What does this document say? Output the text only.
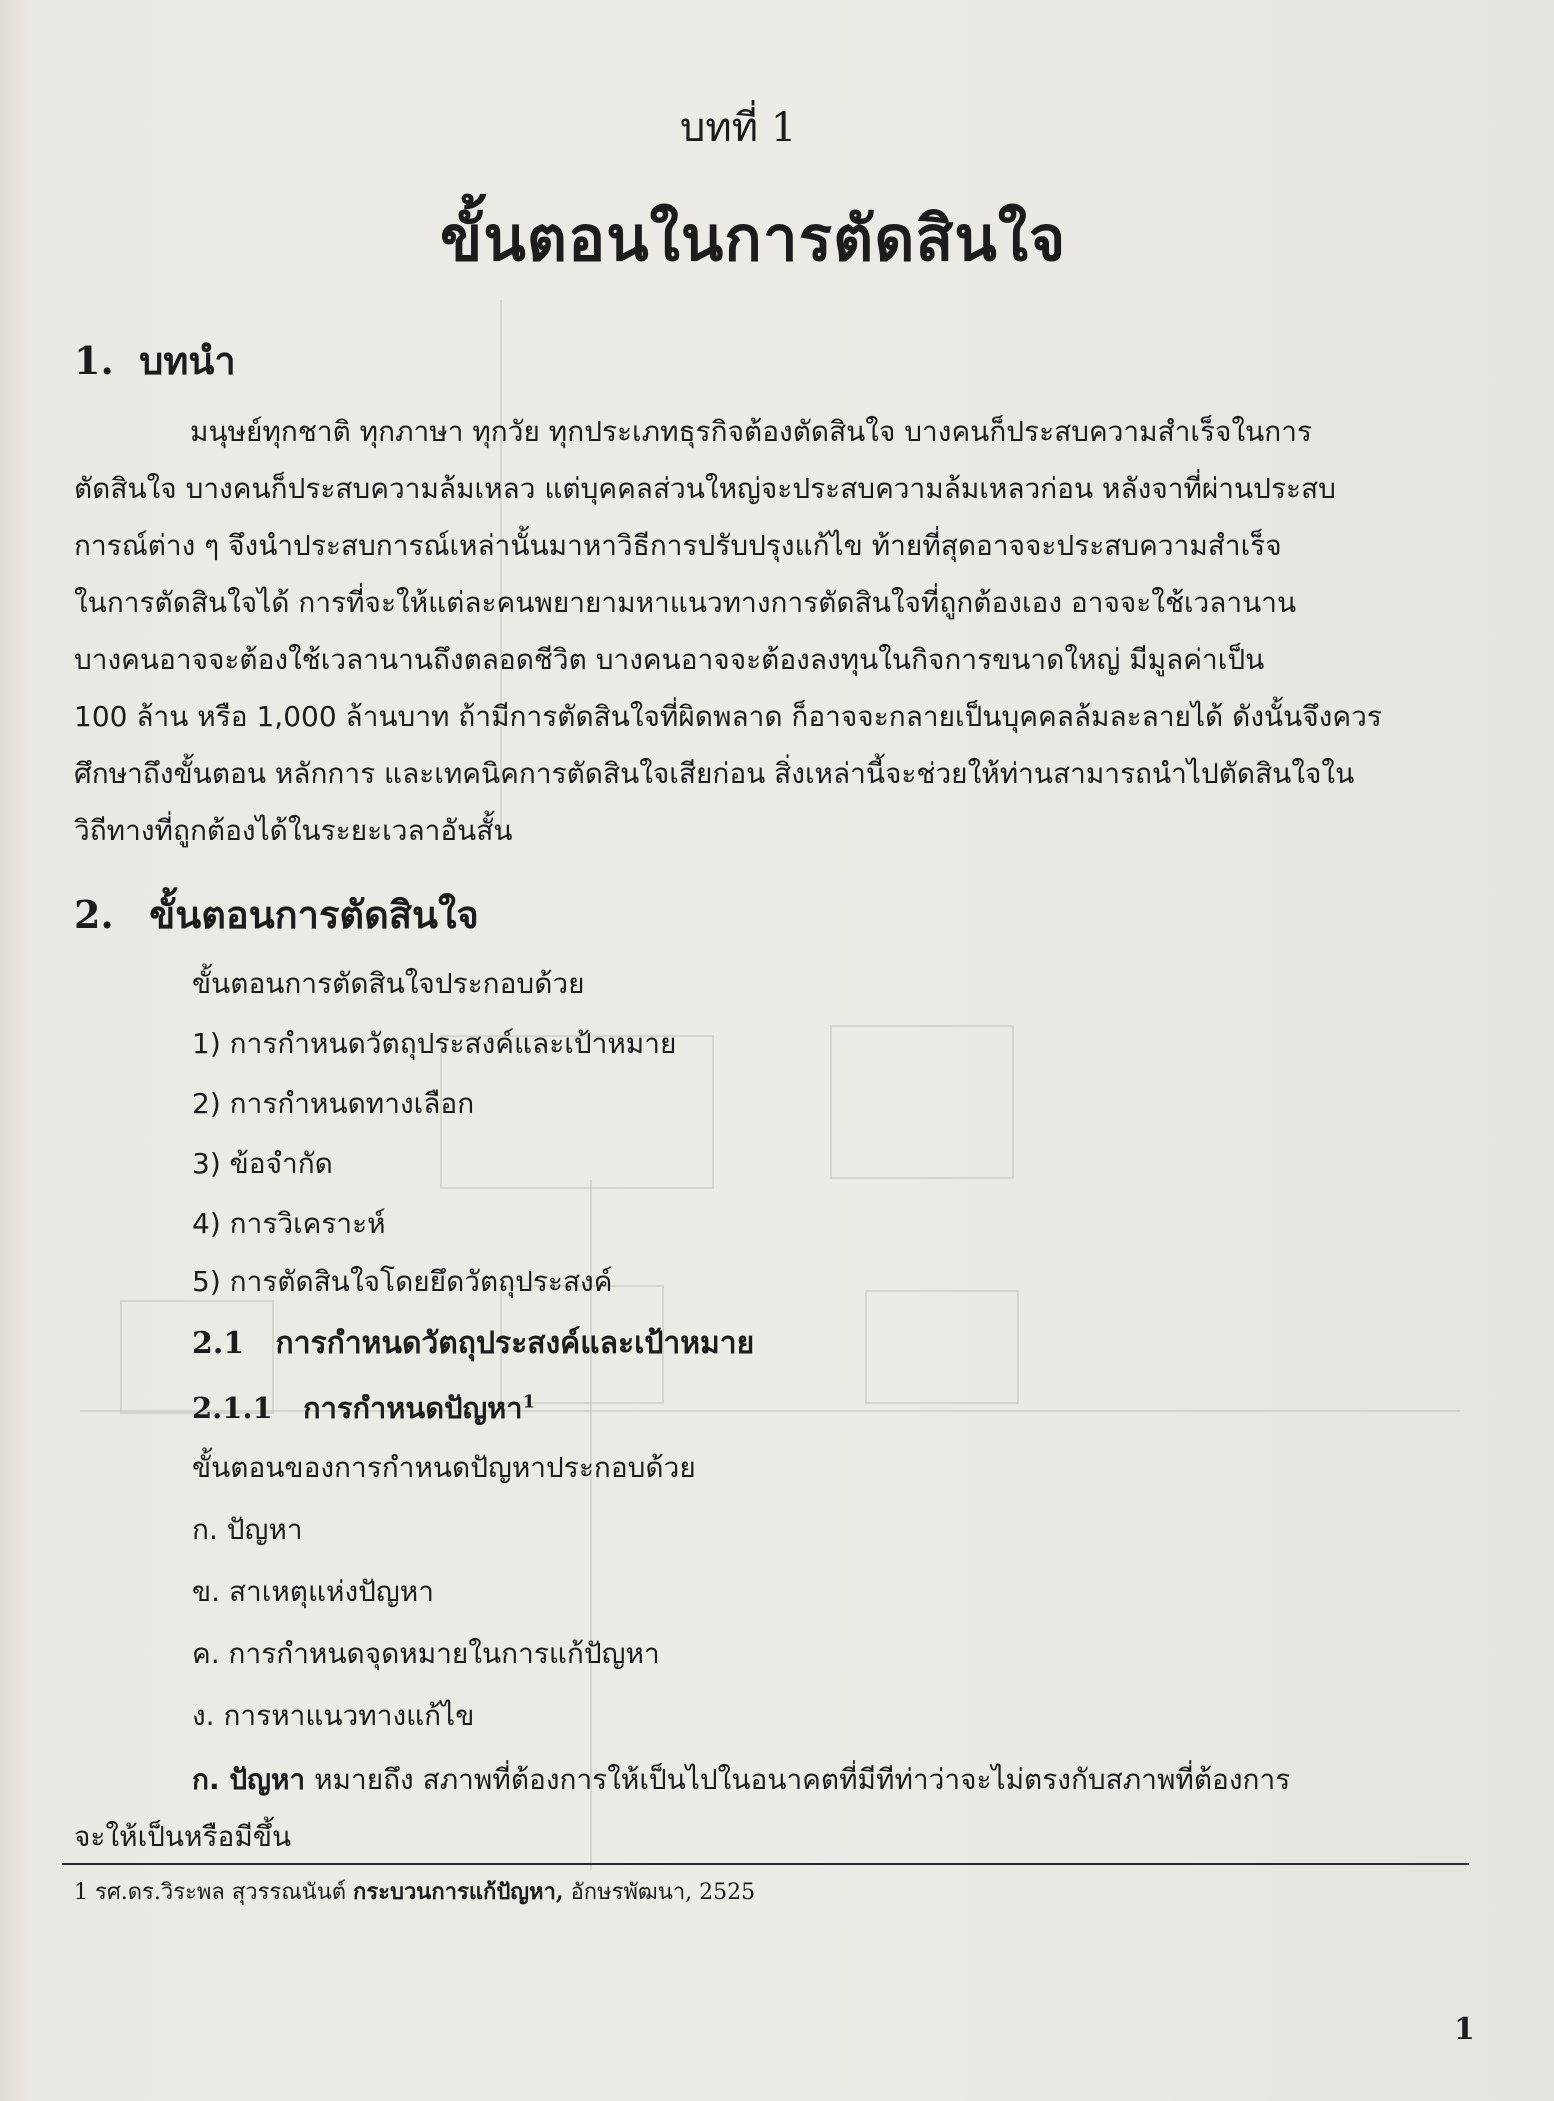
บทที่ 1
ขั้นตอนในการตัดสินใจ
1. บทนำ
มนุษย์ทุกชาติ ทุกภาษา ทุกวัย ทุกประเภทธุรกิจต้องตัดสินใจ บางคนก็ประสบความสำเร็จในการ
ตัดสินใจ บางคนก็ประสบความล้มเหลว แต่บุคคลส่วนใหญ่จะประสบความล้มเหลวก่อน หลังจาที่ผ่านประสบ
การณ์ต่าง ๆ จึงนำประสบการณ์เหล่านั้นมาหาวิธีการปรับปรุงแก้ไข ท้ายที่สุดอาจจะประสบความสำเร็จ
ในการตัดสินใจได้ การที่จะให้แต่ละคนพยายามหาแนวทางการตัดสินใจที่ถูกต้องเอง อาจจะใช้เวลานาน
บางคนอาจจะต้องใช้เวลานานถึงตลอดชีวิต บางคนอาจจะต้องลงทุนในกิจการขนาดใหญ่ มีมูลค่าเป็น
100 ล้าน หรือ 1,000 ล้านบาท ถ้ามีการตัดสินใจที่ผิดพลาด ก็อาจจะกลายเป็นบุคคลล้มละลายได้ ดังนั้นจึงควร
ศึกษาถึงขั้นตอน หลักการ และเทคนิคการตัดสินใจเสียก่อน สิ่งเหล่านี้จะช่วยให้ท่านสามารถนำไปตัดสินใจใน
วิถีทางที่ถูกต้องได้ในระยะเวลาอันสั้น
2. ขั้นตอนการตัดสินใจ
ขั้นตอนการตัดสินใจประกอบด้วย
1) การกำหนดวัตถุประสงค์และเป้าหมาย
2) การกำหนดทางเลือก
3) ข้อจำกัด
4) การวิเคราะห์
5) การตัดสินใจโดยยึดวัตถุประสงค์
2.1 การกำหนดวัตถุประสงค์และเป้าหมาย
2.1.1 การกำหนดปัญหา$^1$
ขั้นตอนของการกำหนดปัญหาประกอบด้วย
ก. ปัญหา
ข. สาเหตุแห่งปัญหา
ค. การกำหนดจุดหมายในการแก้ปัญหา
ง. การหาแนวทางแก้ไข
ก. ปัญหา หมายถึง สภาพที่ต้องการให้เป็นไปในอนาคตที่มีทีท่าว่าจะไม่ตรงกับสภาพที่ต้องการ
จะให้เป็นหรือมีขึ้น
1 รศ.ดร.วิระพล สุวรรณนันต์ กระบวนการแก้ปัญหา, อักษรพัฒนา, 2525
1
